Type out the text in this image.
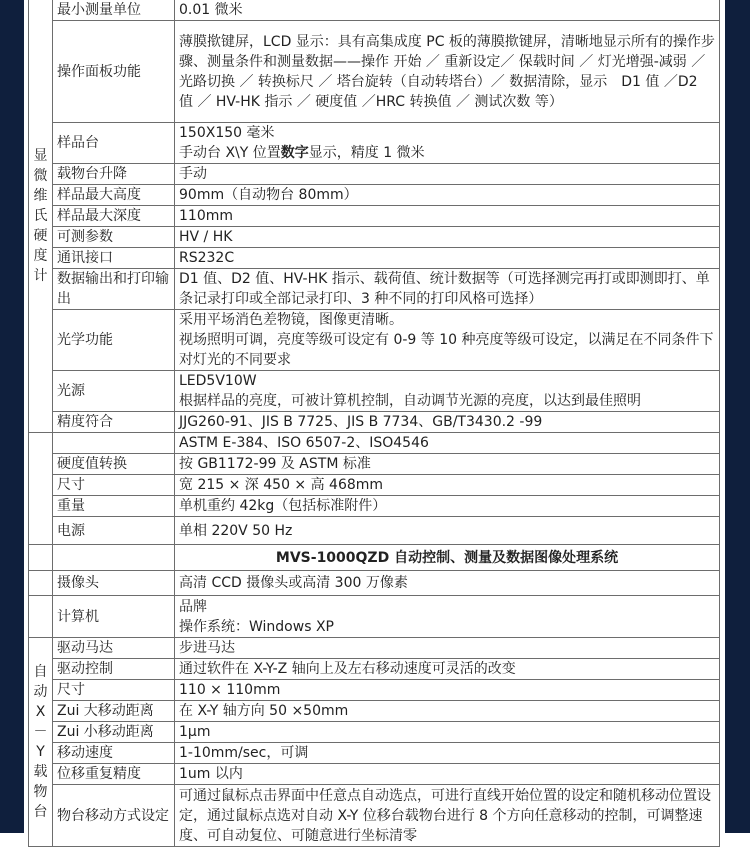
显微维氏硬度计	最小测量单位	0.01 微米
	操作面板功能	薄膜揿键屏，LCD 显示：具有高集成度 PC 板的薄膜揿键屏，清晰地显示所有的操作步骤、测量条件和测量数据——操作 开始 ／ 重新设定／ 保载时间 ／ 灯光增强-减弱 ／ 光路切换 ／ 转换标尺 ／ 塔台旋转（自动转塔台）／ 数据清除，显示　D1 值 ／D2 值 ／ HV-HK 指示 ／ 硬度值 ／HRC 转换值 ／ 测试次数 等）
	样品台	150X150 毫米
手动台 X\Y 位置数字显示，精度 1 微米

	载物台升降	手动
	样品最大高度	90mm（自动物台 80mm）
	样品最大深度	110mm
	可测参数	HV / HK
	通讯接口	RS232C
	数据输出和打印输出	D1 值、D2 值、HV-HK 指示、载荷值、统计数据等（可选择测完再打或即测即打、单条记录打印或全部记录打印、3 种不同的打印风格可选择）
	光学功能	采用平场消色差物镜，图像更清晰。
视场照明可调，亮度等级可设定有 0-9 等 10 种亮度等级可设定，以满足在不同条件下对灯光的不同要求

	光源	LED5V10W
根据样品的亮度，可被计算机控制，自动调节光源的亮度，以达到最佳照明

	精度符合	JJG260-91、JIS B 7725、JIS B 7734、GB/T3430.2 -99
		ASTM E-384、ISO 6507-2、ISO4546
	硬度值转换	按 GB1172-99 及 ASTM 标准
	尺寸	宽 215 × 深 450 × 高 468mm
	重量	单机重约 42kg（包括标准附件）
	电源	单相 220V 50 Hz
		MVS-1000QZD 自动控制、测量及数据图像处理系统
	摄像头	高清 CCD 摄像头或高清 300 万像素
	计算机	品牌
操作系统：Windows XP

自动X－Y载物台	驱动马达	步进马达
	驱动控制	通过软件在 X-Y-Z 轴向上及左右移动速度可灵活的改变
	尺寸	110 × 110mm
	Zui 大移动距离	在 X-Y 轴方向 50 ×50mm
	Zui 小移动距离	1μm
	移动速度	1-10mm/sec，可调
	位移重复精度	1um 以内
	物台移动方式设定	可通过鼠标点击界面中任意点自动选点，可进行直线开始位置的设定和随机移动位置设定，通过鼠标点选对自动 X-Y 位移台载物台进行 8 个方向任意移动的控制，可调整速度、可自动复位、可随意进行坐标清零
